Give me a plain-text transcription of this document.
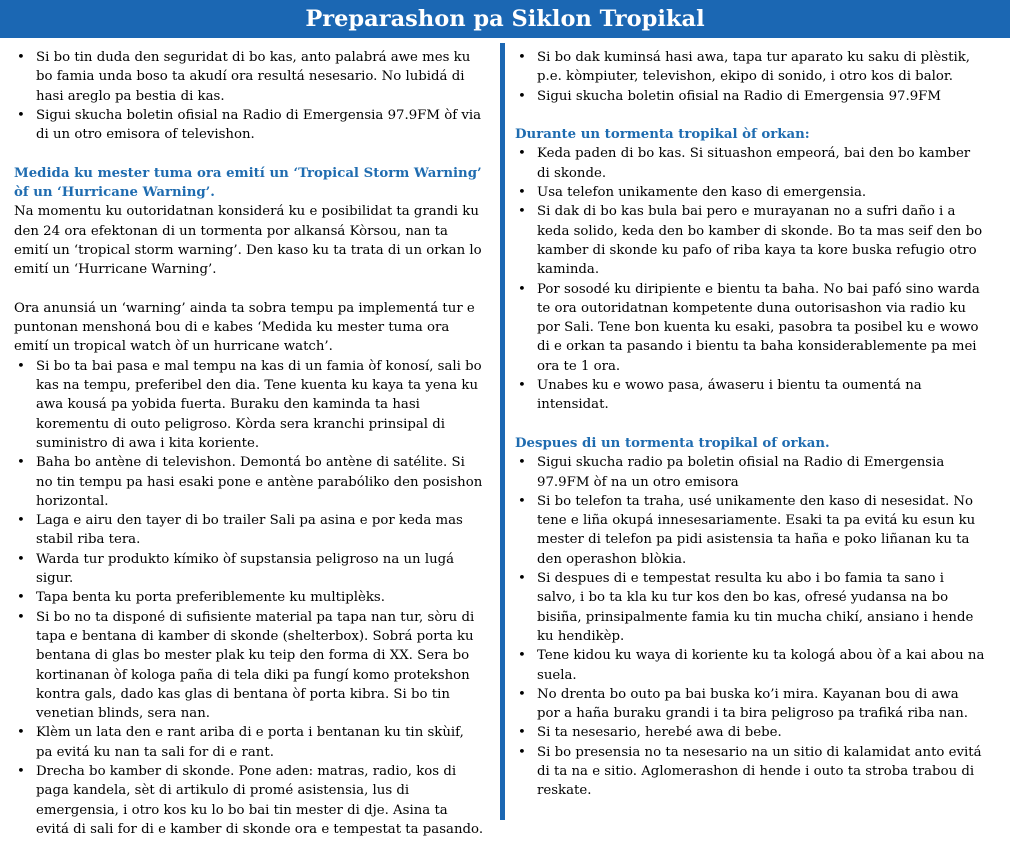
Preparashon pa Siklon Tropikal
• Si bo tin duda den seguridat di bo kas, anto palabrá awe mes ku bo famia unda boso ta akudí ora resultá nesesario. No lubidá di hasi areglo pa bestia di kas.
• Sigui skucha boletin ofisial na Radio di Emergensia 97.9FM òf via di un otro emisora of televishon.
Medida ku mester tuma ora emití un ‘Tropical Storm Warning’ òf un ‘Hurricane Warning’.

Na momentu ku outoridatnan konsiderá ku e posibilidat ta grandi ku den 24 ora efektonan di un tormenta por alkansá Kòrsou, nan ta emití un ‘tropical storm warning’. Den kaso ku ta trata di un orkan lo emití un ‘Hurricane Warning’.

Ora anunsiá un ‘warning’ ainda ta sobra tempu pa implementá tur e puntonan menshoná bou di e kabes ‘Medida ku mester tuma ora emití un tropical watch òf un hurricane watch’.

• Si bo ta bai pasa e mal tempu na kas di un famia òf konosí, sali bo kas na tempu, preferibel den dia. Tene kuenta ku kaya ta yena ku awa kousá pa yobida fuerta. Buraku den kaminda ta hasi korementu di outo peligroso. Kòrda sera kranchi prinsipal di suministro di awa i kita koriente.
• Baha bo antène di televishon. Demontá bo antène di satélite. Si no tin tempu pa hasi esaki pone e antène parabóliko den posishon horizontal.
• Laga e airu den tayer di bo trailer Sali pa asina e por keda mas stabil riba tera.
• Warda tur produkto kímiko òf supstansia peligroso na un lugá sigur.
• Tapa benta ku porta preferiblemente ku multiplèks.
• Si bo no ta disponé di sufisiente material pa tapa nan tur, sòru di tapa e bentana di kamber di skonde (shelterbox). Sobrá porta ku bentana di glas bo mester plak ku teip den forma di XX. Sera bo kortinanan òf kologa paña di tela diki pa fungí komo protekshon kontra gals, dado kas glas di bentana òf porta kibra. Si bo tin venetian blinds, sera nan.
• Klèm un lata den e rant ariba di e porta i bentanan ku tin skùif, pa evitá ku nan ta sali for di e rant.
• Drecha bo kamber di skonde. Pone aden: matras, radio, kos di paga kandela, sèt di artikulo di promé asistensia, lus di emergensia, i otro kos ku lo bo bai tin mester di dje. Asina ta evitá di sali for di e kamber di skonde ora e tempestat ta pasando.
• Si bo dak kuminsá hasi awa, tapa tur aparato ku saku di plèstik, p.e. kòmpiuter, televishon, ekipo di sonido, i otro kos di balor.
• Sigui skucha boletin ofisial na Radio di Emergensia 97.9FM
Durante un tormenta tropikal òf orkan:
• Keda paden di bo kas. Si situashon empeorá, bai den bo kamber di skonde.
• Usa telefon unikamente den kaso di emergensia.
• Si dak di bo kas bula bai pero e murayanan no a sufri daño i a keda solido, keda den bo kamber di skonde. Bo ta mas seif den bo kamber di skonde ku pafo of riba kaya ta kore buska refugio otro kaminda.
• Por sosodé ku diripiente e bientu ta baha. No bai pafó sino warda te ora outoridatnan kompetente duna outorisashon via radio ku por Sali. Tene bon kuenta ku esaki, pasobra ta posibel ku e wowo di e orkan ta pasando i bientu ta baha konsiderablemente pa mei ora te 1 ora.
• Unabes ku e wowo pasa, áwaseru i bientu ta oumentá na intensidat.
Despues di un tormenta tropikal of orkan.
• Sigui skucha radio pa boletin ofisial na Radio di Emergensia 97.9FM òf na un otro emisora
• Si bo telefon ta traha, usé unikamente den kaso di nesesidat. No tene e liña okupá innesesariamente. Esaki ta pa evitá ku esun ku mester di telefon pa pidi asistensia ta haña e poko liñanan ku ta den operashon blòkia.
• Si despues di e tempestat resulta ku abo i bo famia ta sano i salvo, i bo ta kla ku tur kos den bo kas, ofresé yudansa na bo bisiña, prinsipalmente famia ku tin mucha chikí, ansiano i hende ku hendikèp.
• Tene kidou ku waya di koriente ku ta kologá abou òf a kai abou na suela.
• No drenta bo outo pa bai buska ko’i mira. Kayanan bou di awa por a haña buraku grandi i ta bira peligroso pa trafiká riba nan.
• Si ta nesesario, herebé awa di bebe.
• Si bo presensia no ta nesesario na un sitio di kalamidat anto evitá di ta na e sitio. Aglomerashon di hende i outo ta stroba trabou di reskate.
